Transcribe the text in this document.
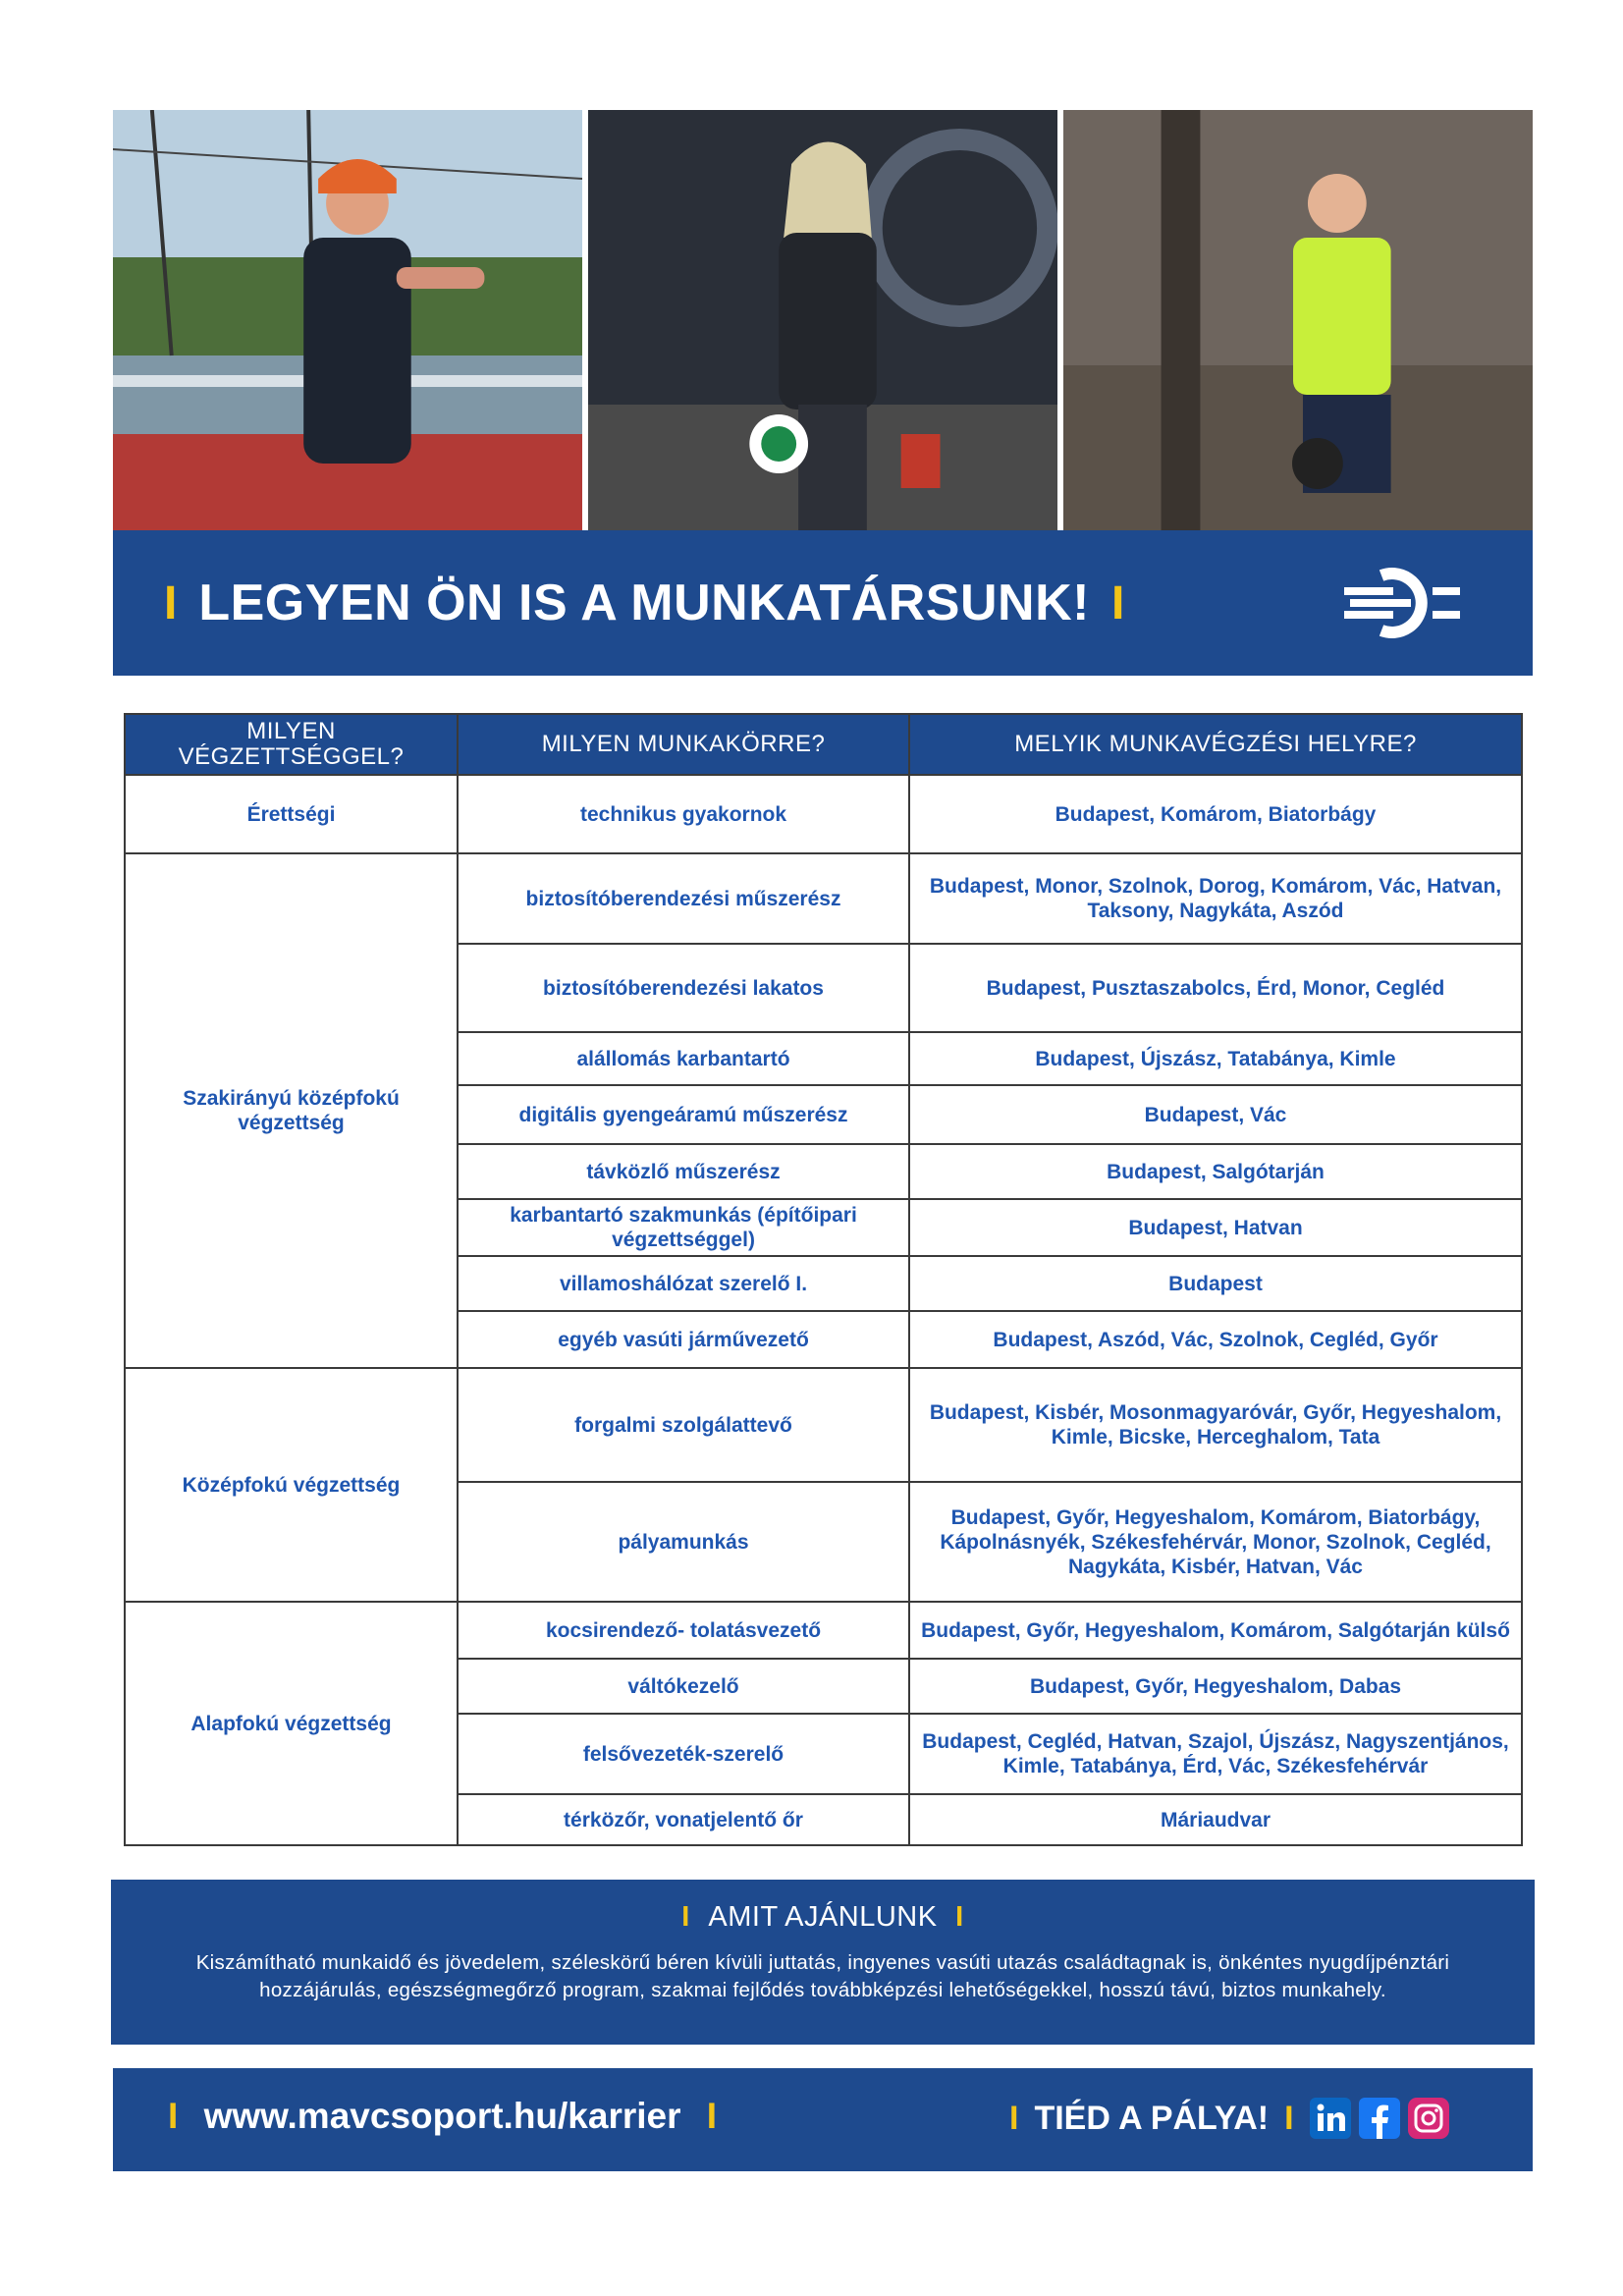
I LEGYEN ÖN IS A MUNKATÁRSUNK! I
MILYEN VÉGZETTSÉGGEL?	MILYEN MUNKAKÖRRE?	MELYIK MUNKAVÉGZÉSI HELYRE?
Érettségi	technikus gyakornok	Budapest, Komárom, Biatorbágy
Szakirányú középfokú végzettség	biztosítóberendezési műszerész	Budapest, Monor, Szolnok, Dorog, Komárom, Vác, Hatvan, Taksony, Nagykáta, Aszód
	biztosítóberendezési lakatos	Budapest, Pusztaszabolcs, Érd, Monor, Cegléd
	alállomás karbantartó	Budapest, Újszász, Tatabánya, Kimle
	digitális gyengeáramú műszerész	Budapest, Vác
	távközlő műszerész	Budapest, Salgótarján
	karbantartó szakmunkás (építőipari végzettséggel)	Budapest, Hatvan
	villamoshálózat szerelő I.	Budapest
	egyéb vasúti járművezető	Budapest, Aszód, Vác, Szolnok, Cegléd, Győr
Középfokú végzettség	forgalmi szolgálattevő	Budapest, Kisbér, Mosonmagyaróvár, Győr, Hegyeshalom, Kimle, Bicske, Herceghalom, Tata
	pályamunkás	Budapest, Győr, Hegyeshalom, Komárom, Biatorbágy, Kápolnásnyék, Székesfehérvár, Monor, Szolnok, Cegléd, Nagykáta, Kisbér, Hatvan, Vác
Alapfokú végzettség	kocsirendező- tolatásvezető	Budapest, Győr, Hegyeshalom, Komárom, Salgótarján külső
	váltókezelő	Budapest, Győr, Hegyeshalom, Dabas
	felsővezeték-szerelő	Budapest, Cegléd, Hatvan, Szajol, Újszász, Nagyszentjános, Kimle, Tatabánya, Érd, Vác, Székesfehérvár
	térközőr, vonatjelentő őr	Máriaudvar
I AMIT AJÁNLUNK I
Kiszámítható munkaidő és jövedelem, széleskörű béren kívüli juttatás, ingyenes vasúti utazás családtagnak is, önkéntes nyugdíjpénztári hozzájárulás, egészségmegőrző program, szakmai fejlődés továbbképzési lehetőségekkel, hosszú távú, biztos munkahely.
I www.mavcsoport.hu/karrier I	I TIÉD A PÁLYA! I
